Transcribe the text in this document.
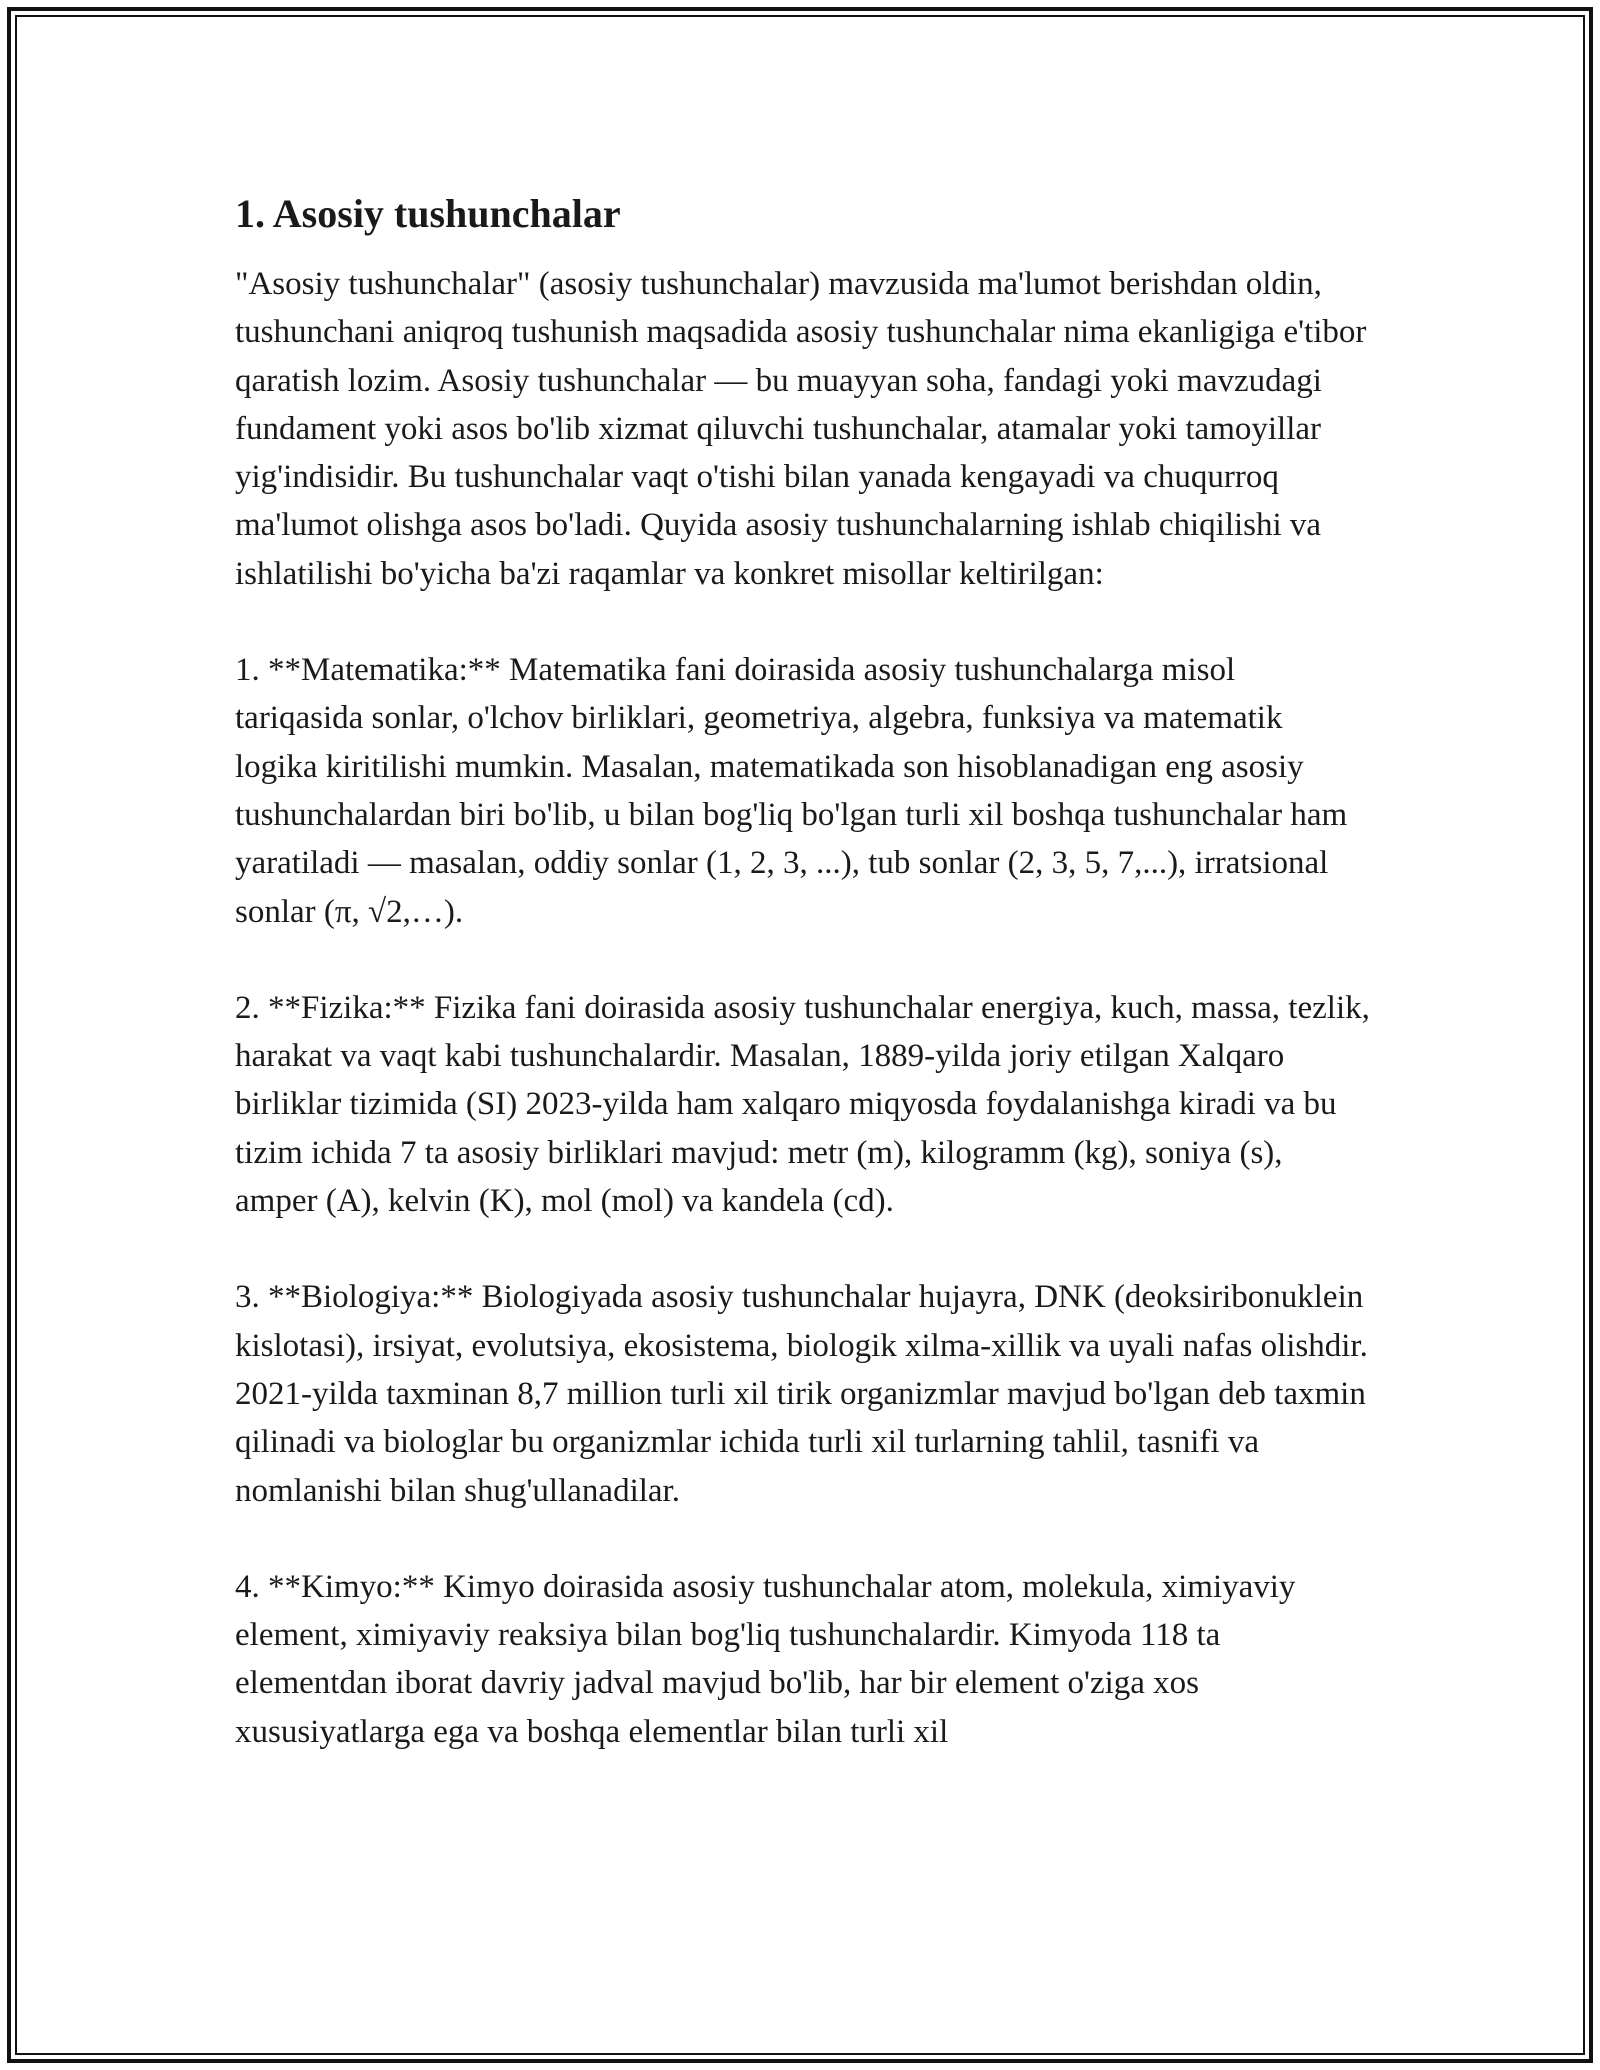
1. Asosiy tushunchalar

"Asosiy tushunchalar" (asosiy tushunchalar) mavzusida ma'lumot berishdan oldin, tushunchani aniqroq tushunish maqsadida asosiy tushunchalar nima ekanligiga e'tibor qaratish lozim. Asosiy tushunchalar — bu muayyan soha, fandagi yoki mavzudagi fundament yoki asos bo'lib xizmat qiluvchi tushunchalar, atamalar yoki tamoyillar yig'indisidir. Bu tushunchalar vaqt o'tishi bilan yanada kengayadi va chuqurroq ma'lumot olishga asos bo'ladi. Quyida asosiy tushunchalarning ishlab chiqilishi va ishlatilishi bo'yicha ba'zi raqamlar va konkret misollar keltirilgan:

1. **Matematika:** Matematika fani doirasida asosiy tushunchalarga misol tariqasida sonlar, o'lchov birliklari, geometriya, algebra, funksiya va matematik logika kiritilishi mumkin. Masalan, matematikada son hisoblanadigan eng asosiy tushunchalardan biri bo'lib, u bilan bog'liq bo'lgan turli xil boshqa tushunchalar ham yaratiladi — masalan, oddiy sonlar (1, 2, 3, ...), tub sonlar (2, 3, 5, 7,...), irratsional sonlar (π, √2,…).

2. **Fizika:** Fizika fani doirasida asosiy tushunchalar energiya, kuch, massa, tezlik, harakat va vaqt kabi tushunchalardir. Masalan, 1889-yilda joriy etilgan Xalqaro birliklar tizimida (SI) 2023-yilda ham xalqaro miqyosda foydalanishga kiradi va bu tizim ichida 7 ta asosiy birliklari mavjud: metr (m), kilogramm (kg), soniya (s), amper (A), kelvin (K), mol (mol) va kandela (cd).

3. **Biologiya:** Biologiyada asosiy tushunchalar hujayra, DNK (deoksiribonuklein kislotasi), irsiyat, evolutsiya, ekosistema, biologik xilma-xillik va uyali nafas olishdir. 2021-yilda taxminan 8,7 million turli xil tirik organizmlar mavjud bo'lgan deb taxmin qilinadi va biologlar bu organizmlar ichida turli xil turlarning tahlil, tasnifi va nomlanishi bilan shug'ullanadilar.

4. **Kimyo:** Kimyo doirasida asosiy tushunchalar atom, molekula, ximiyaviy element, ximiyaviy reaksiya bilan bog'liq tushunchalardir. Kimyoda 118 ta elementdan iborat davriy jadval mavjud bo'lib, har bir element o'ziga xos xususiyatlarga ega va boshqa elementlar bilan turli xil
